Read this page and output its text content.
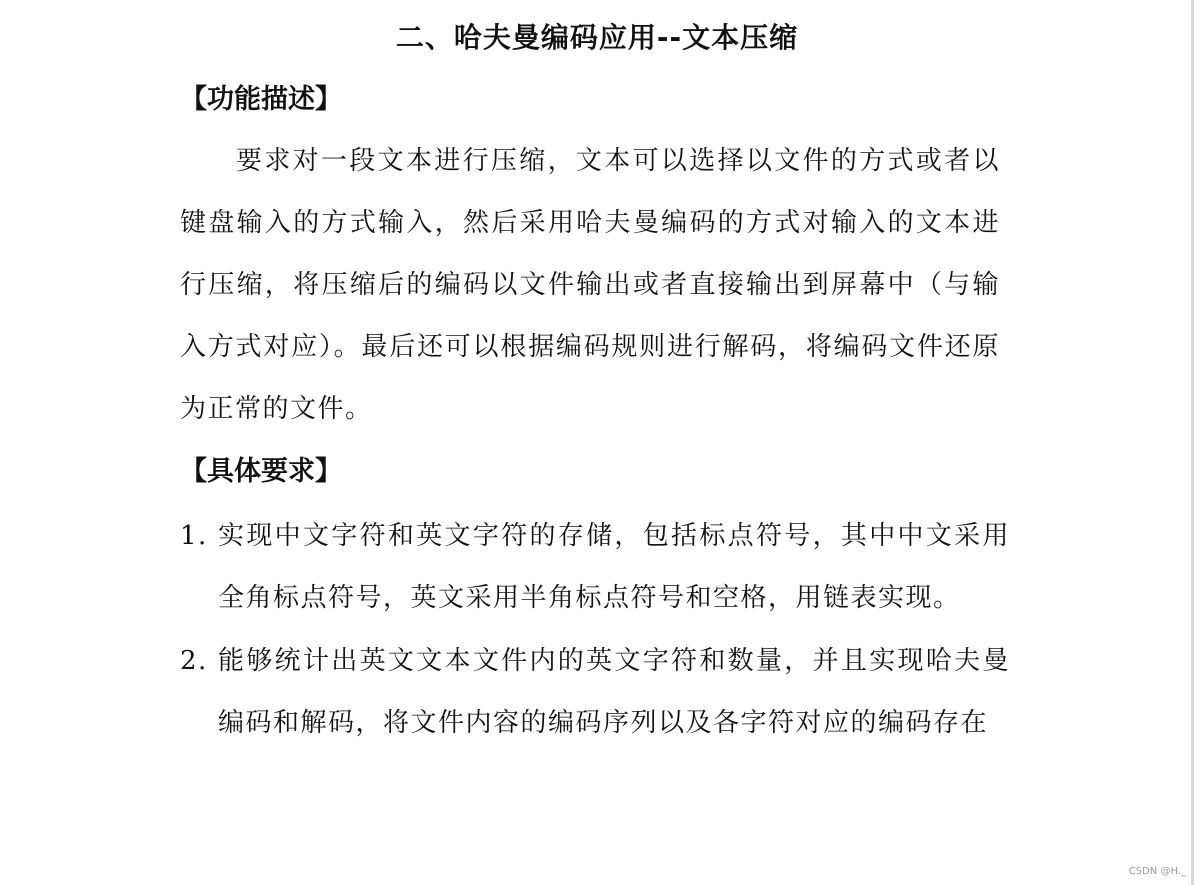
二、哈夫曼编码应用--文本压缩
【功能描述】
要求对一段文本进行压缩，文本可以选择以文件的方式或者以键盘输入的方式输入，然后采用哈夫曼编码的方式对输入的文本进行压缩，将压缩后的编码以文件输出或者直接输出到屏幕中（与输入方式对应）。最后还可以根据编码规则进行解码，将编码文件还原为正常的文件。
【具体要求】
1. 实现中文字符和英文字符的存储，包括标点符号，其中中文采用全角标点符号，英文采用半角标点符号和空格，用链表实现。
2. 能够统计出英文文本文件内的英文字符和数量，并且实现哈夫曼编码和解码，将文件内容的编码序列以及各字符对应的编码存在
CSDN @H._
